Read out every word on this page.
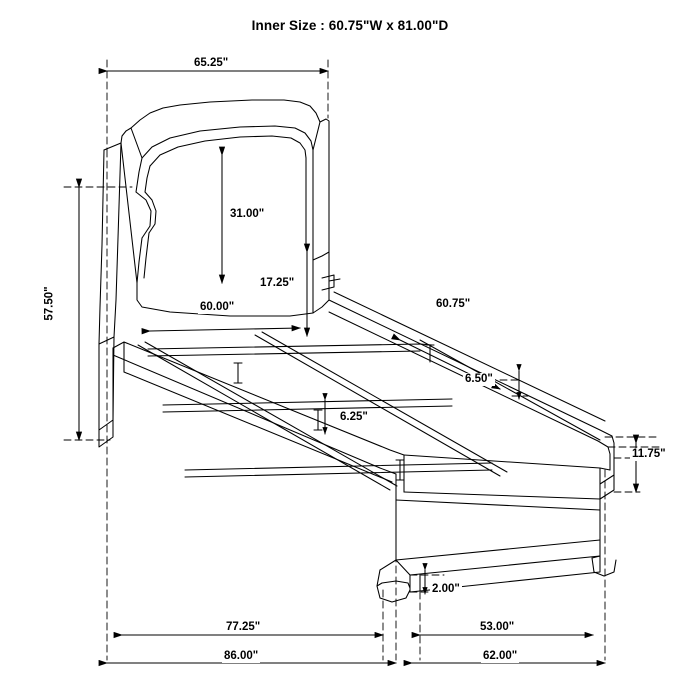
Inner Size : 60.75"W x 81.00"D
65.25"
31.00"
57.50"
17.25"
60.00"	60.75"
6.50"
6.25"
11.75"
2.00"
77.25"	53.00"
86.00"	62.00"
